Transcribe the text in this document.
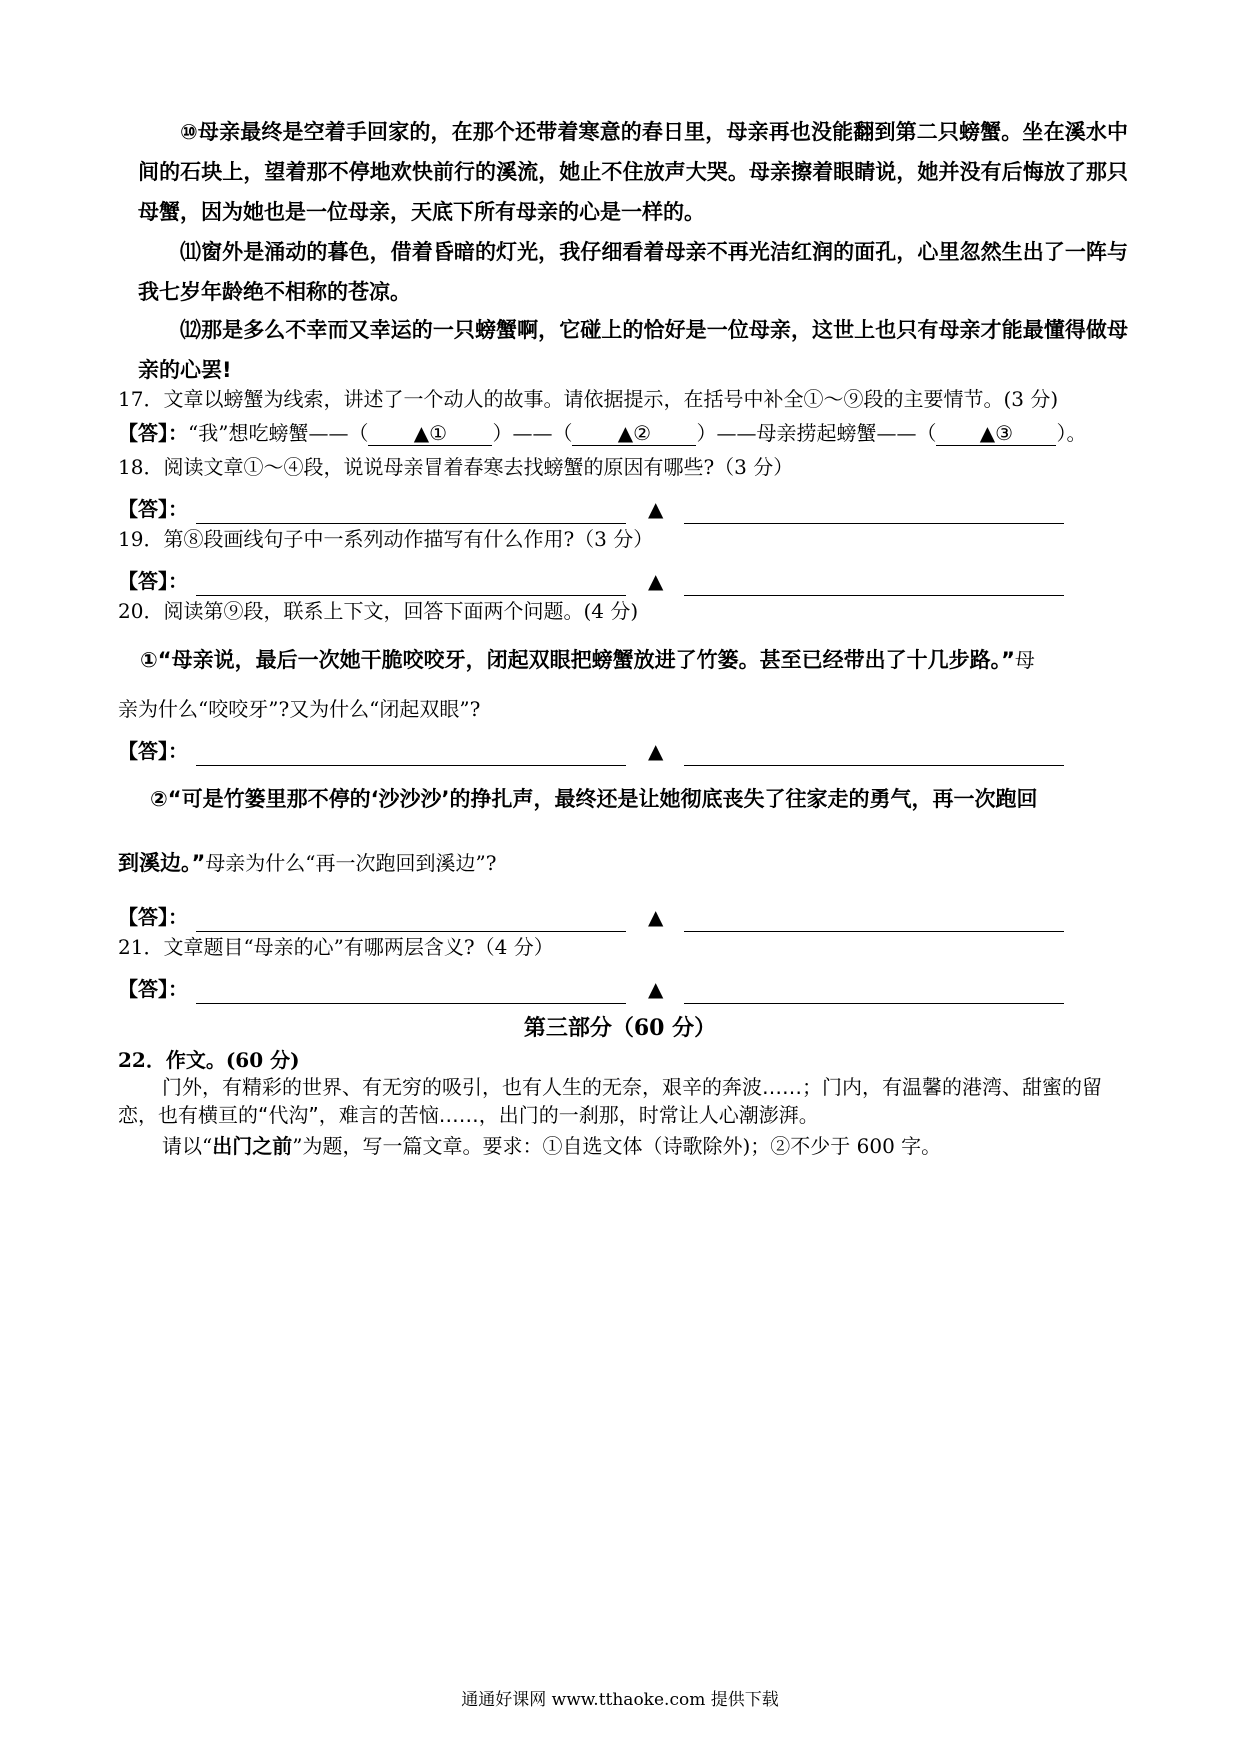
⑩母亲最终是空着手回家的，在那个还带着寒意的春日里，母亲再也没能翻到第二只螃蟹。坐在溪水中间的石块上，望着那不停地欢快前行的溪流，她止不住放声大哭。母亲擦着眼睛说，她并没有后悔放了那只母蟹，因为她也是一位母亲，天底下所有母亲的心是一样的。

⑾窗外是涌动的暮色，借着昏暗的灯光，我仔细看着母亲不再光洁红润的面孔，心里忽然生出了一阵与我七岁年龄绝不相称的苍凉。

⑿那是多么不幸而又幸运的一只螃蟹啊，它碰上的恰好是一位母亲，这世上也只有母亲才能最懂得做母亲的心罢!

17．文章以螃蟹为线索，讲述了一个动人的故事。请依据提示，在括号中补全①～⑨段的主要情节。(3 分)

【答】：“我”想吃螃蟹——（ ▲① ）——（ ▲② ）——母亲捞起螃蟹——（ ▲③ ）。

18．阅读文章①～④段，说说母亲冒着春寒去找螃蟹的原因有哪些?（3 分）

【答】：	▲

19．第⑧段画线句子中一系列动作描写有什么作用?（3 分）

【答】：	▲

20．阅读第⑨段，联系上下文，回答下面两个问题。(4 分)

①“母亲说，最后一次她干脆咬咬牙，闭起双眼把螃蟹放进了竹篓。甚至已经带出了十几步路。”母

亲为什么“咬咬牙”?又为什么“闭起双眼”?

【答】：	▲
②“可是竹篓里那不停的‘沙沙沙’的挣扎声，最终还是让她彻底丧失了往家走的勇气，再一次跑回
到溪边。”母亲为什么“再一次跑回到溪边”?
【答】：	▲

21．文章题目“母亲的心”有哪两层含义?（4 分）

【答】：	▲
第三部分（60 分）
22．作文。(60 分)

门外，有精彩的世界、有无穷的吸引，也有人生的无奈，艰辛的奔波……；门内，有温馨的港湾、甜蜜的留恋，也有横亘的“代沟”，难言的苦恼……，出门的一刹那，时常让人心潮澎湃。

请以“出门之前”为题，写一篇文章。要求：①自选文体（诗歌除外)；②不少于 600 字。
通通好课网 www.tthaoke.com 提供下载
